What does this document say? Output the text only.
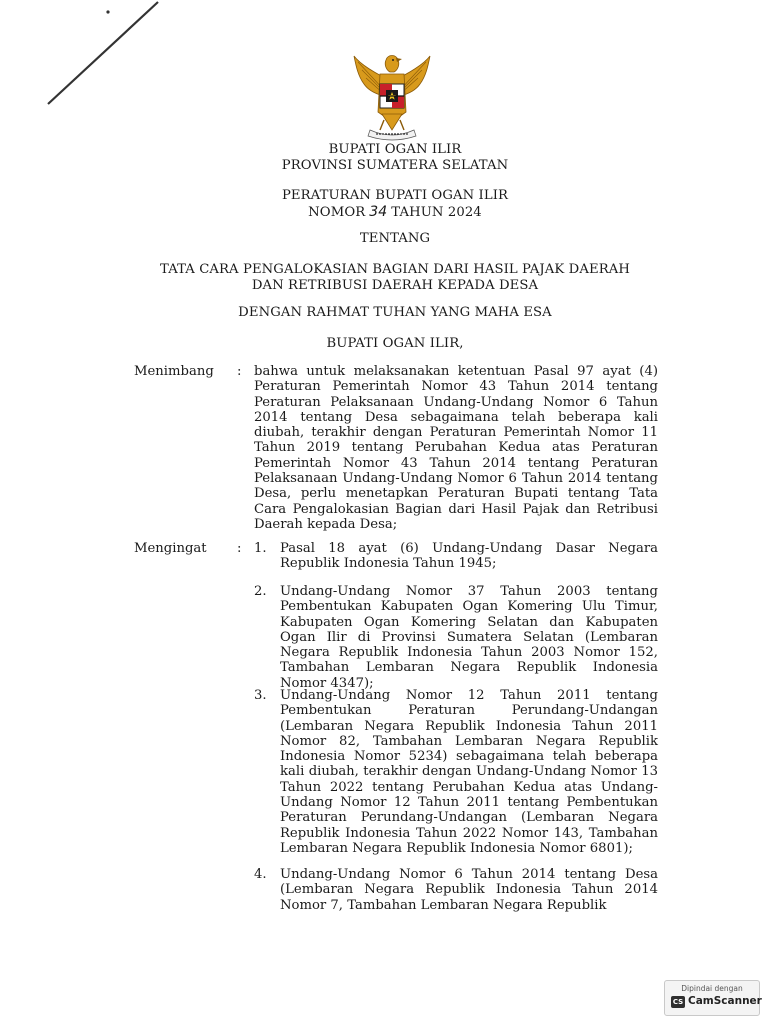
BUPATI OGAN ILIR
PROVINSI SUMATERA SELATAN
PERATURAN BUPATI OGAN ILIR
NOMOR 34 TAHUN 2024
TENTANG
TATA CARA PENGALOKASIAN BAGIAN DARI HASIL PAJAK DAERAH
DAN RETRIBUSI DAERAH KEPADA DESA
DENGAN RAHMAT TUHAN YANG MAHA ESA
BUPATI OGAN ILIR,
Menimbang : bahwa untuk melaksanakan ketentuan Pasal 97 ayat (4) Peraturan Pemerintah Nomor 43 Tahun 2014 tentang Peraturan Pelaksanaan Undang-Undang Nomor 6 Tahun 2014 tentang Desa sebagaimana telah beberapa kali diubah, terakhir dengan Peraturan Pemerintah Nomor 11 Tahun 2019 tentang Perubahan Kedua atas Peraturan Pemerintah Nomor 43 Tahun 2014 tentang Peraturan Pelaksanaan Undang-Undang Nomor 6 Tahun 2014 tentang Desa, perlu menetapkan Peraturan Bupati tentang Tata Cara Pengalokasian Bagian dari Hasil Pajak dan Retribusi Daerah kepada Desa;

Mengingat : 1. Pasal 18 ayat (6) Undang-Undang Dasar Negara Republik Indonesia Tahun 1945;

2. Undang-Undang Nomor 37 Tahun 2003 tentang Pembentukan Kabupaten Ogan Komering Ulu Timur, Kabupaten Ogan Komering Selatan dan Kabupaten Ogan Ilir di Provinsi Sumatera Selatan (Lembaran Negara Republik Indonesia Tahun 2003 Nomor 152, Tambahan Lembaran Negara Republik Indonesia Nomor 4347);

3. Undang-Undang Nomor 12 Tahun 2011 tentang Pembentukan Peraturan Perundang-Undangan (Lembaran Negara Republik Indonesia Tahun 2011 Nomor 82, Tambahan Lembaran Negara Republik Indonesia Nomor 5234) sebagaimana telah beberapa kali diubah, terakhir dengan Undang-Undang Nomor 13 Tahun 2022 tentang Perubahan Kedua atas Undang-Undang Nomor 12 Tahun 2011 tentang Pembentukan Peraturan Perundang-Undangan (Lembaran Negara Republik Indonesia Tahun 2022 Nomor 143, Tambahan Lembaran Negara Republik Indonesia Nomor 6801);

4. Undang-Undang Nomor 6 Tahun 2014 tentang Desa (Lembaran Negara Republik Indonesia Tahun 2014 Nomor 7, Tambahan Lembaran Negara Republik

Dipindai dengan
CS CamScanner
